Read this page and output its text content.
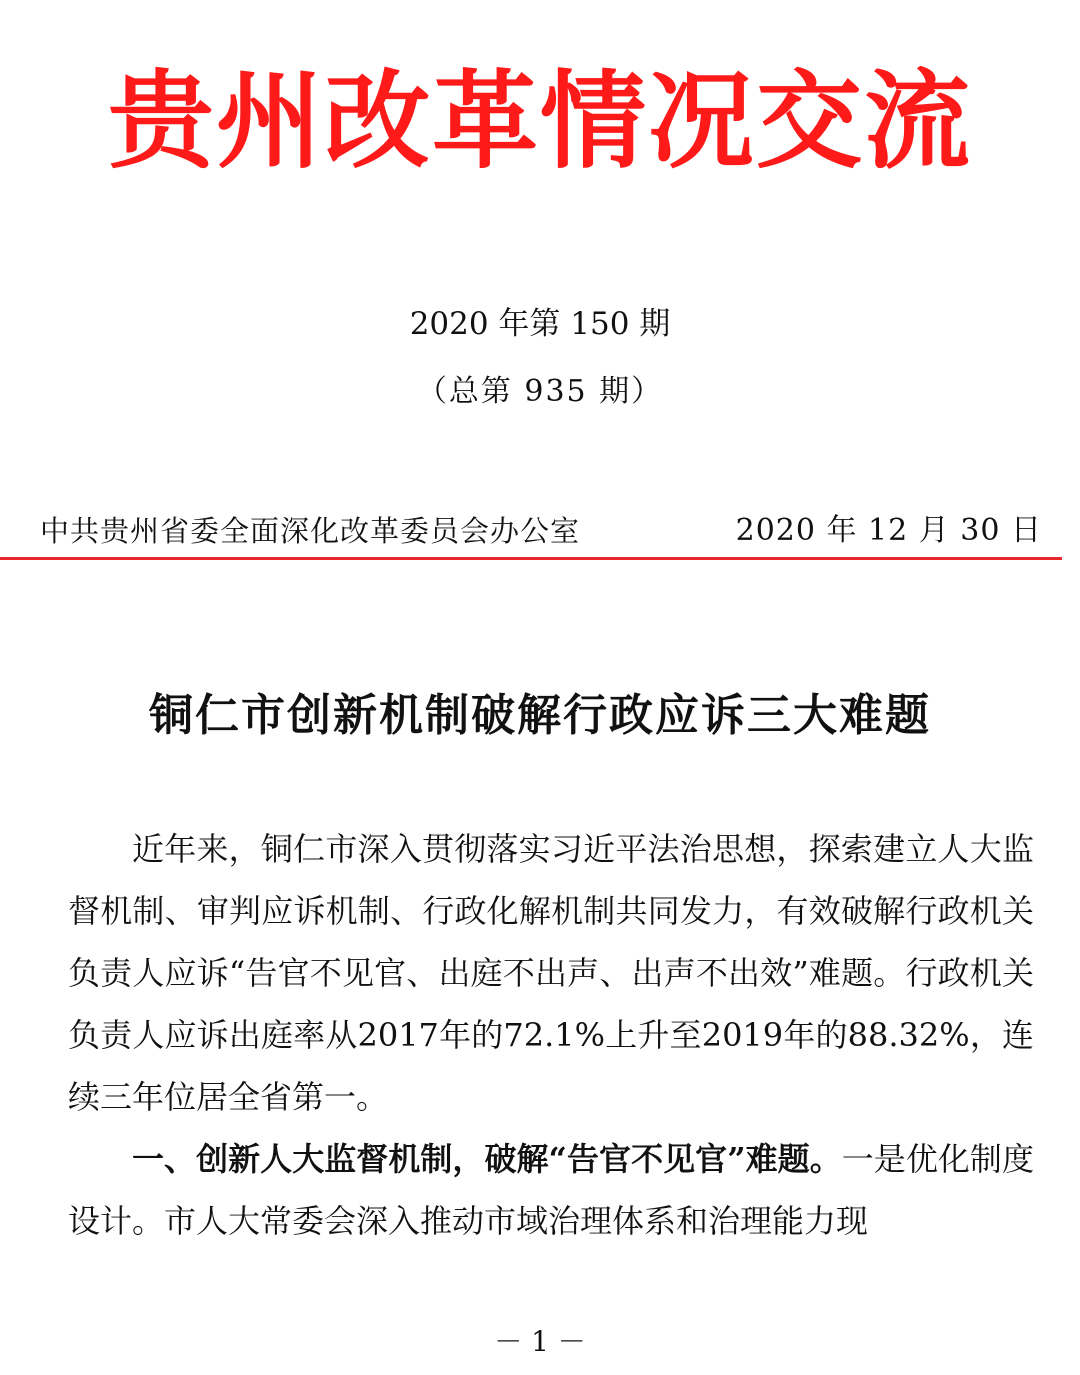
贵州改革情况交流
2020 年第 150 期
（总第 935 期）
中共贵州省委全面深化改革委员会办公室	2020 年 12 月 30 日
铜仁市创新机制破解行政应诉三大难题

近年来，铜仁市深入贯彻落实习近平法治思想，探索建立人大监督机制、审判应诉机制、行政化解机制共同发力，有效破解行政机关负责人应诉“告官不见官、出庭不出声、出声不出效”难题。行政机关负责人应诉出庭率从2017年的72.1%上升至2019年的88.32%，连续三年位居全省第一。

一、创新人大监督机制，破解“告官不见官”难题。一是优化制度设计。市人大常委会深入推动市域治理体系和治理能力现

－ 1 －
